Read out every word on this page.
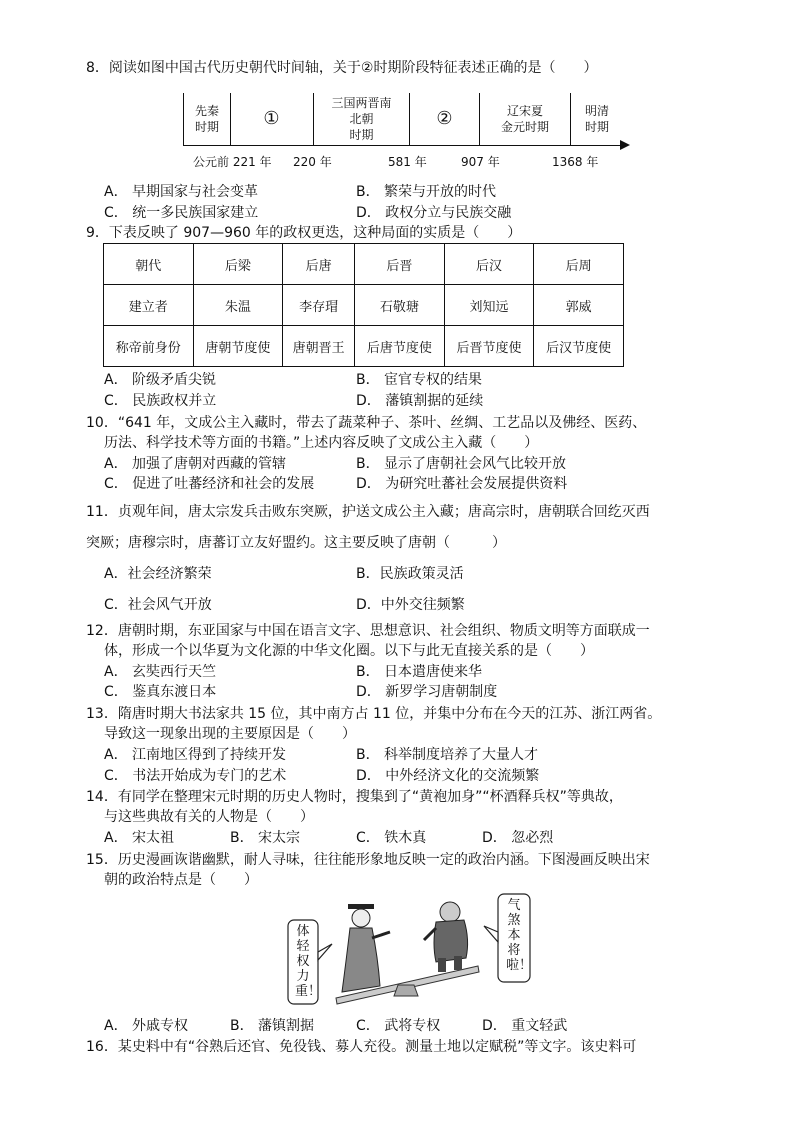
8．阅读如图中国古代历史朝代时间轴，关于②时期阶段特征表述正确的是（　　）
先秦
时期 ①
三国两晋南
北朝
时期
②	辽宋夏
金元时期
明清
时期
公元前 221 年 220 年	581 年	907 年	1368 年
A． 早期国家与社会变革	B． 繁荣与开放的时代
C． 统一多民族国家建立	D． 政权分立与民族交融
9．下表反映了 907—960 年的政权更迭，这种局面的实质是（　　）
朝代	后梁	后唐	后晋	后汉	后周
建立者	朱温	李存瑁	石敬瑭	刘知远	郭威
称帝前身份	唐朝节度使	唐朝晋王	后唐节度使	后晋节度使	后汉节度使
A． 阶级矛盾尖锐	B． 宦官专权的结果
C． 民族政权并立	D． 藩镇割据的延续
10．“641 年，文成公主入藏时，带去了蔬菜种子、茶叶、丝绸、工艺品以及佛经、医药、
历法、科学技术等方面的书籍。”上述内容反映了文成公主入藏（　　）
A． 加强了唐朝对西藏的管辖	B． 显示了唐朝社会风气比较开放
C． 促进了吐蕃经济和社会的发展	D． 为研究吐蕃社会发展提供资料
11．贞观年间，唐太宗发兵击败东突厥，护送文成公主入藏；唐高宗时，唐朝联合回纥灭西
突厥；唐穆宗时，唐蕃订立友好盟约。这主要反映了唐朝（　　　）
A．社会经济繁荣	B．民族政策灵活
C．社会风气开放	D．中外交往频繁
12．唐朝时期，东亚国家与中国在语言文字、思想意识、社会组织、物质文明等方面联成一
体，形成一个以华夏为文化源的中华文化圈。以下与此无直接关系的是（　　）
A． 玄奘西行天竺	B． 日本遣唐使来华
C． 鉴真东渡日本	D． 新罗学习唐朝制度
13．隋唐时期大书法家共 15 位，其中南方占 11 位，并集中分布在今天的江苏、浙江两省。
导致这一现象出现的主要原因是（　　）
A． 江南地区得到了持续开发	B． 科举制度培养了大量人才
C． 书法开始成为专门的艺术	D． 中外经济文化的交流频繁
14．有同学在整理宋元时期的历史人物时，搜集到了“黄袍加身”“杯酒释兵权”等典故，
与这些典故有关的人物是（　　）
A． 宋太祖	B． 宋太宗	C． 铁木真	D． 忽必烈
15．历史漫画诙谐幽默，耐人寻味，往往能形象地反映一定的政治内涵。下图漫画反映出宋
朝的政治特点是（　　）
体轻权力重！
气煞本将啦！
A． 外戚专权	B． 藩镇割据	C． 武将专权	D． 重文轻武
16．某史料中有“谷熟后还官、免役钱、募人充役。测量土地以定赋税”等文字。该史料可
